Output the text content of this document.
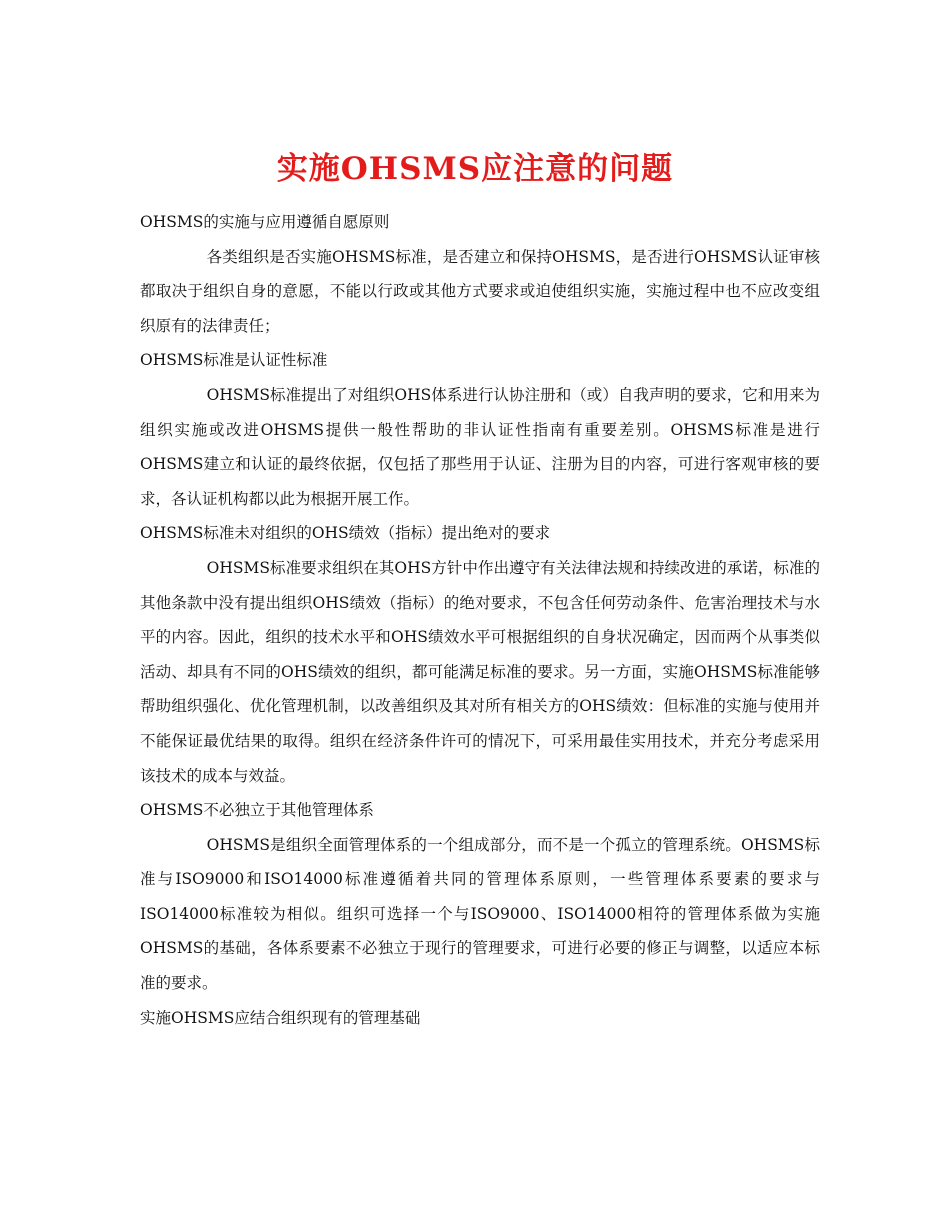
实施OHSMS应注意的问题

OHSMS的实施与应用遵循自愿原则

各类组织是否实施OHSMS标准，是否建立和保持OHSMS，是否进行OHSMS认证审核都取决于组织自身的意愿，不能以行政或其他方式要求或迫使组织实施，实施过程中也不应改变组织原有的法律责任；

OHSMS标准是认证性标准

OHSMS标准提出了对组织OHS体系进行认协注册和（或）自我声明的要求，它和用来为组织实施或改进OHSMS提供一般性帮助的非认证性指南有重要差别。OHSMS标准是进行OHSMS建立和认证的最终依据，仅包括了那些用于认证、注册为目的内容，可进行客观审核的要求，各认证机构都以此为根据开展工作。

OHSMS标准未对组织的OHS绩效（指标）提出绝对的要求

OHSMS标准要求组织在其OHS方针中作出遵守有关法律法规和持续改进的承诺，标准的其他条款中没有提出组织OHS绩效（指标）的绝对要求，不包含任何劳动条件、危害治理技术与水平的内容。因此，组织的技术水平和OHS绩效水平可根据组织的自身状况确定，因而两个从事类似活动、却具有不同的OHS绩效的组织，都可能满足标准的要求。另一方面，实施OHSMS标准能够帮助组织强化、优化管理机制，以改善组织及其对所有相关方的OHS绩效：但标准的实施与使用并不能保证最优结果的取得。组织在经济条件许可的情况下，可采用最佳实用技术，并充分考虑采用该技术的成本与效益。

OHSMS不必独立于其他管理体系

OHSMS是组织全面管理体系的一个组成部分，而不是一个孤立的管理系统。OHSMS标准与ISO9000和ISO14000标准遵循着共同的管理体系原则，一些管理体系要素的要求与ISO14000标准较为相似。组织可选择一个与ISO9000、ISO14000相符的管理体系做为实施OHSMS的基础，各体系要素不必独立于现行的管理要求，可进行必要的修正与调整，以适应本标准的要求。

实施OHSMS应结合组织现有的管理基础
